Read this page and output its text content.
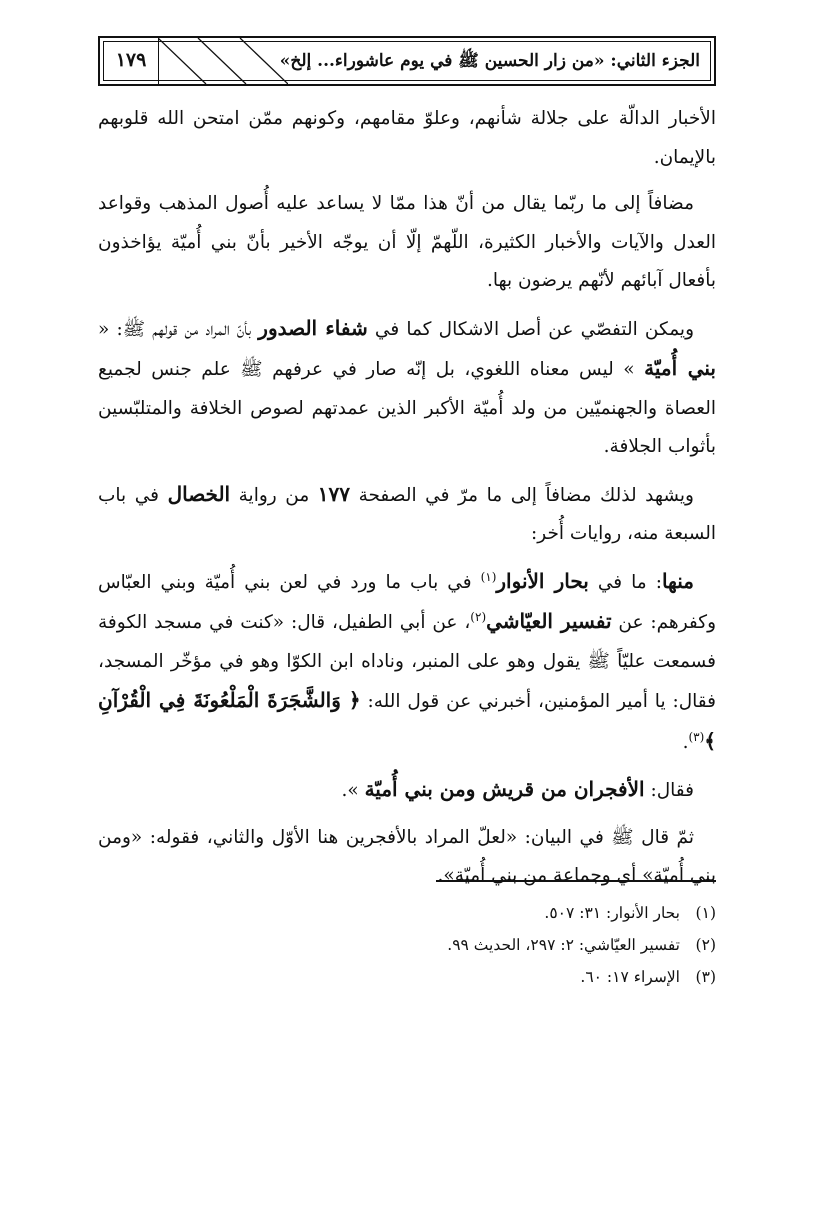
١٧٩	الجزء الثاني: «من زار الحسين ﷺ في يوم عاشوراء... إلخ»

الأخبار الدالّة على جلالة شأنهم، وعلوّ مقامهم، وكونهم ممّن امتحن الله قلوبهم بالإيمان.

مضافاً إلى ما ربّما يقال من أنّ هذا ممّا لا يساعد عليه أُصول المذهب وقواعد العدل والآيات والأخبار الكثيرة، اللّهمّ إلّا أن يوجّه الأخير بأنّ بني أُميّة يؤاخذون بأفعال آبائهم لأنّهم يرضون بها.

ويمكن التفصّي عن أصل الاشكال كما في شفاء الصدور بأنّ المراد من قولهم ﷺ: « بني أُميّة » ليس معناه اللغوي، بل إنّه صار في عرفهم ﷺ علم جنس لجميع العصاة والجهنميّين من ولد أُميّة الأكبر الذين عمدتهم لصوص الخلافة والمتلبّسين بأثواب الجلافة.

ويشهد لذلك مضافاً إلى ما مرّ في الصفحة ١٧٧ من رواية الخصال في باب السبعة منه، روايات أُخر:

منها: ما في بحار الأنوار$^{(١)}$ في باب ما ورد في لعن بني أُميّة وبني العبّاس وكفرهم: عن تفسير العيّاشي$^{(٢)}$، عن أبي الطفيل، قال: «كنت في مسجد الكوفة فسمعت عليّاً ﷺ يقول وهو على المنبر، وناداه ابن الكوّا وهو في مؤخّر المسجد، فقال: يا أمير المؤمنين، أخبرني عن قول الله: ﴿ وَالشَّجَرَةَ الْمَلْعُونَةَ فِي الْقُرْآنِ ﴾$^{(٣)}$.

فقال: الأفجران من قريش ومن بني أُميّة ».

ثمّ قال ﷺ في البيان: «لعلّ المراد بالأفجرين هنا الأوّل والثاني، فقوله: «ومن بني أُميّة» أي وجماعة من بني أُميّة».

(١)بحار الأنوار: ٣١: ٥٠٧.
(٢)تفسير العيّاشي: ٢: ٢٩٧، الحديث ٩٩.
(٣)الإسراء ١٧: ٦٠.
